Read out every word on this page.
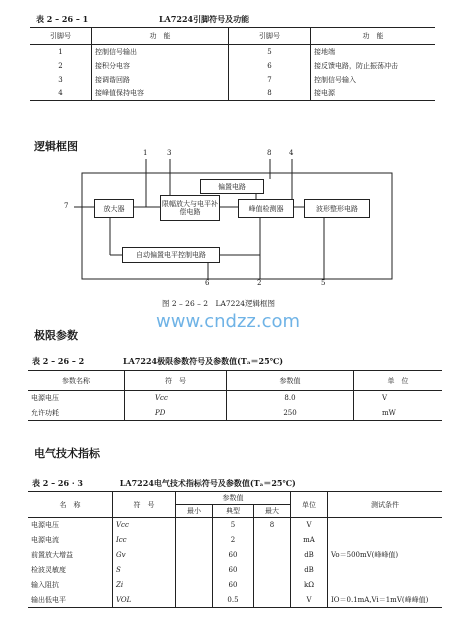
表 2 – 26 – 1	LA7224引脚符号及功能
引脚号	功　能	引脚号	功　能
1	控制信号输出	5	接地端
2	接积分电容	6	接反馈电路，防止振荡冲击
3	接调谐回路	7	控制信号输入
4	接峰值保持电容	8	接电源
逻辑框图
偏置电路
放大器
限幅放大与电平补偿电路	峰值检测器	波形整形电路
自动偏置电平控制电路
1	3	8	4
7
6	2	5
图 2 – 26 – 2　LA7224逻辑框图
www.cndzz.com
极限参数
表 2 – 26 – 2	LA7224极限参数符号及参数值(Tₐ＝25℃)
参数名称	符　号	参数值	单　位
电源电压	Vcc	8.0	V
允许功耗	PD	250	mW
电气技术指标
表 2 – 26 · 3	LA7224电气技术指标符号及参数值(Tₐ＝25℃)
名　称	符　号	参数值			单位	测试条件
		最小	典型	最大		
电源电压	Vcc		5	8	V	
电源电流	Icc		2		mA	
前置放大增益	Gv		60		dB	Vo＝500mV(峰峰值)
检波灵敏度	S		60		dB	
输入阻抗	Zi		60		kΩ	
输出低电平	VOL		0.5		V	IO＝0.1mA,Vi＝1mV(峰峰值)
